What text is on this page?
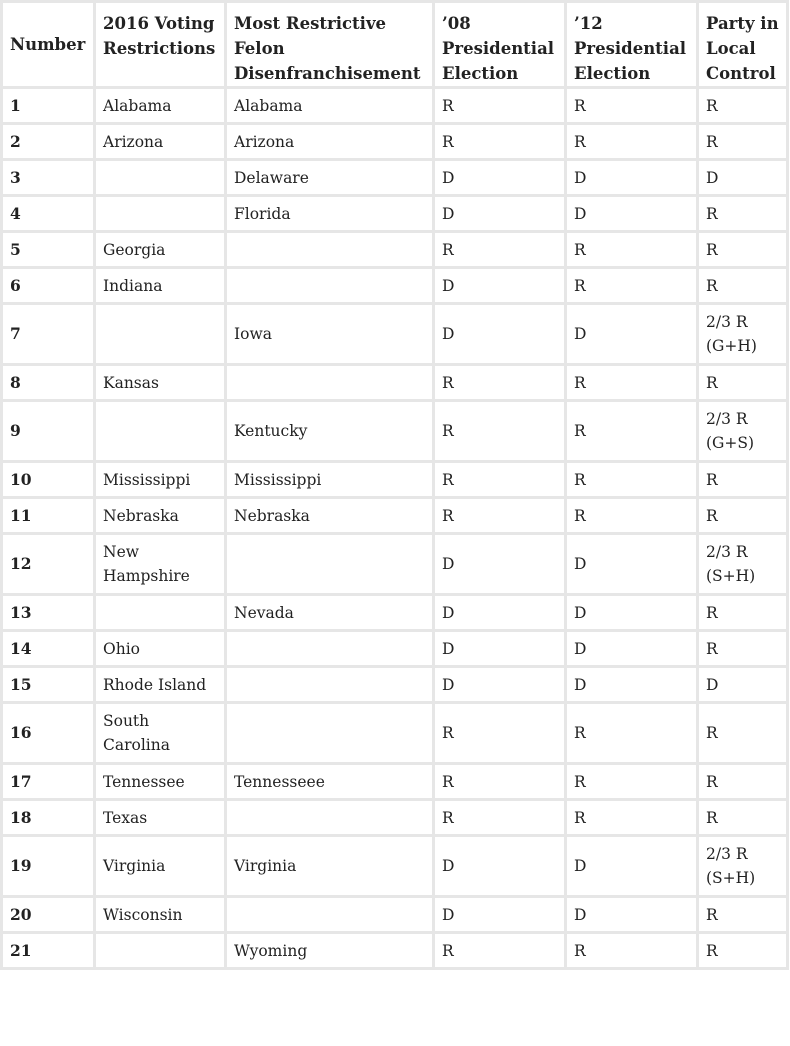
Number	2016 Voting Restrictions	Most Restrictive Felon Disenfranchisement	’08 Presidential Election	’12 Presidential Election	Party in Local Control
1	Alabama	Alabama	R	R	R
2	Arizona	Arizona	R	R	R
3		Delaware	D	D	D
4		Florida	D	D	R
5	Georgia		R	R	R
6	Indiana		D	R	R
7		Iowa	D	D	2/3 R (G+H)
8	Kansas		R	R	R
9		Kentucky	R	R	2/3 R (G+S)
10	Mississippi	Mississippi	R	R	R
11	Nebraska	Nebraska	R	R	R
12	New Hampshire		D	D	2/3 R (S+H)
13		Nevada	D	D	R
14	Ohio		D	D	R
15	Rhode Island		D	D	D
16	South Carolina		R	R	R
17	Tennessee	Tennesseee	R	R	R
18	Texas		R	R	R
19	Virginia	Virginia	D	D	2/3 R (S+H)
20	Wisconsin		D	D	R
21		Wyoming	R	R	R
